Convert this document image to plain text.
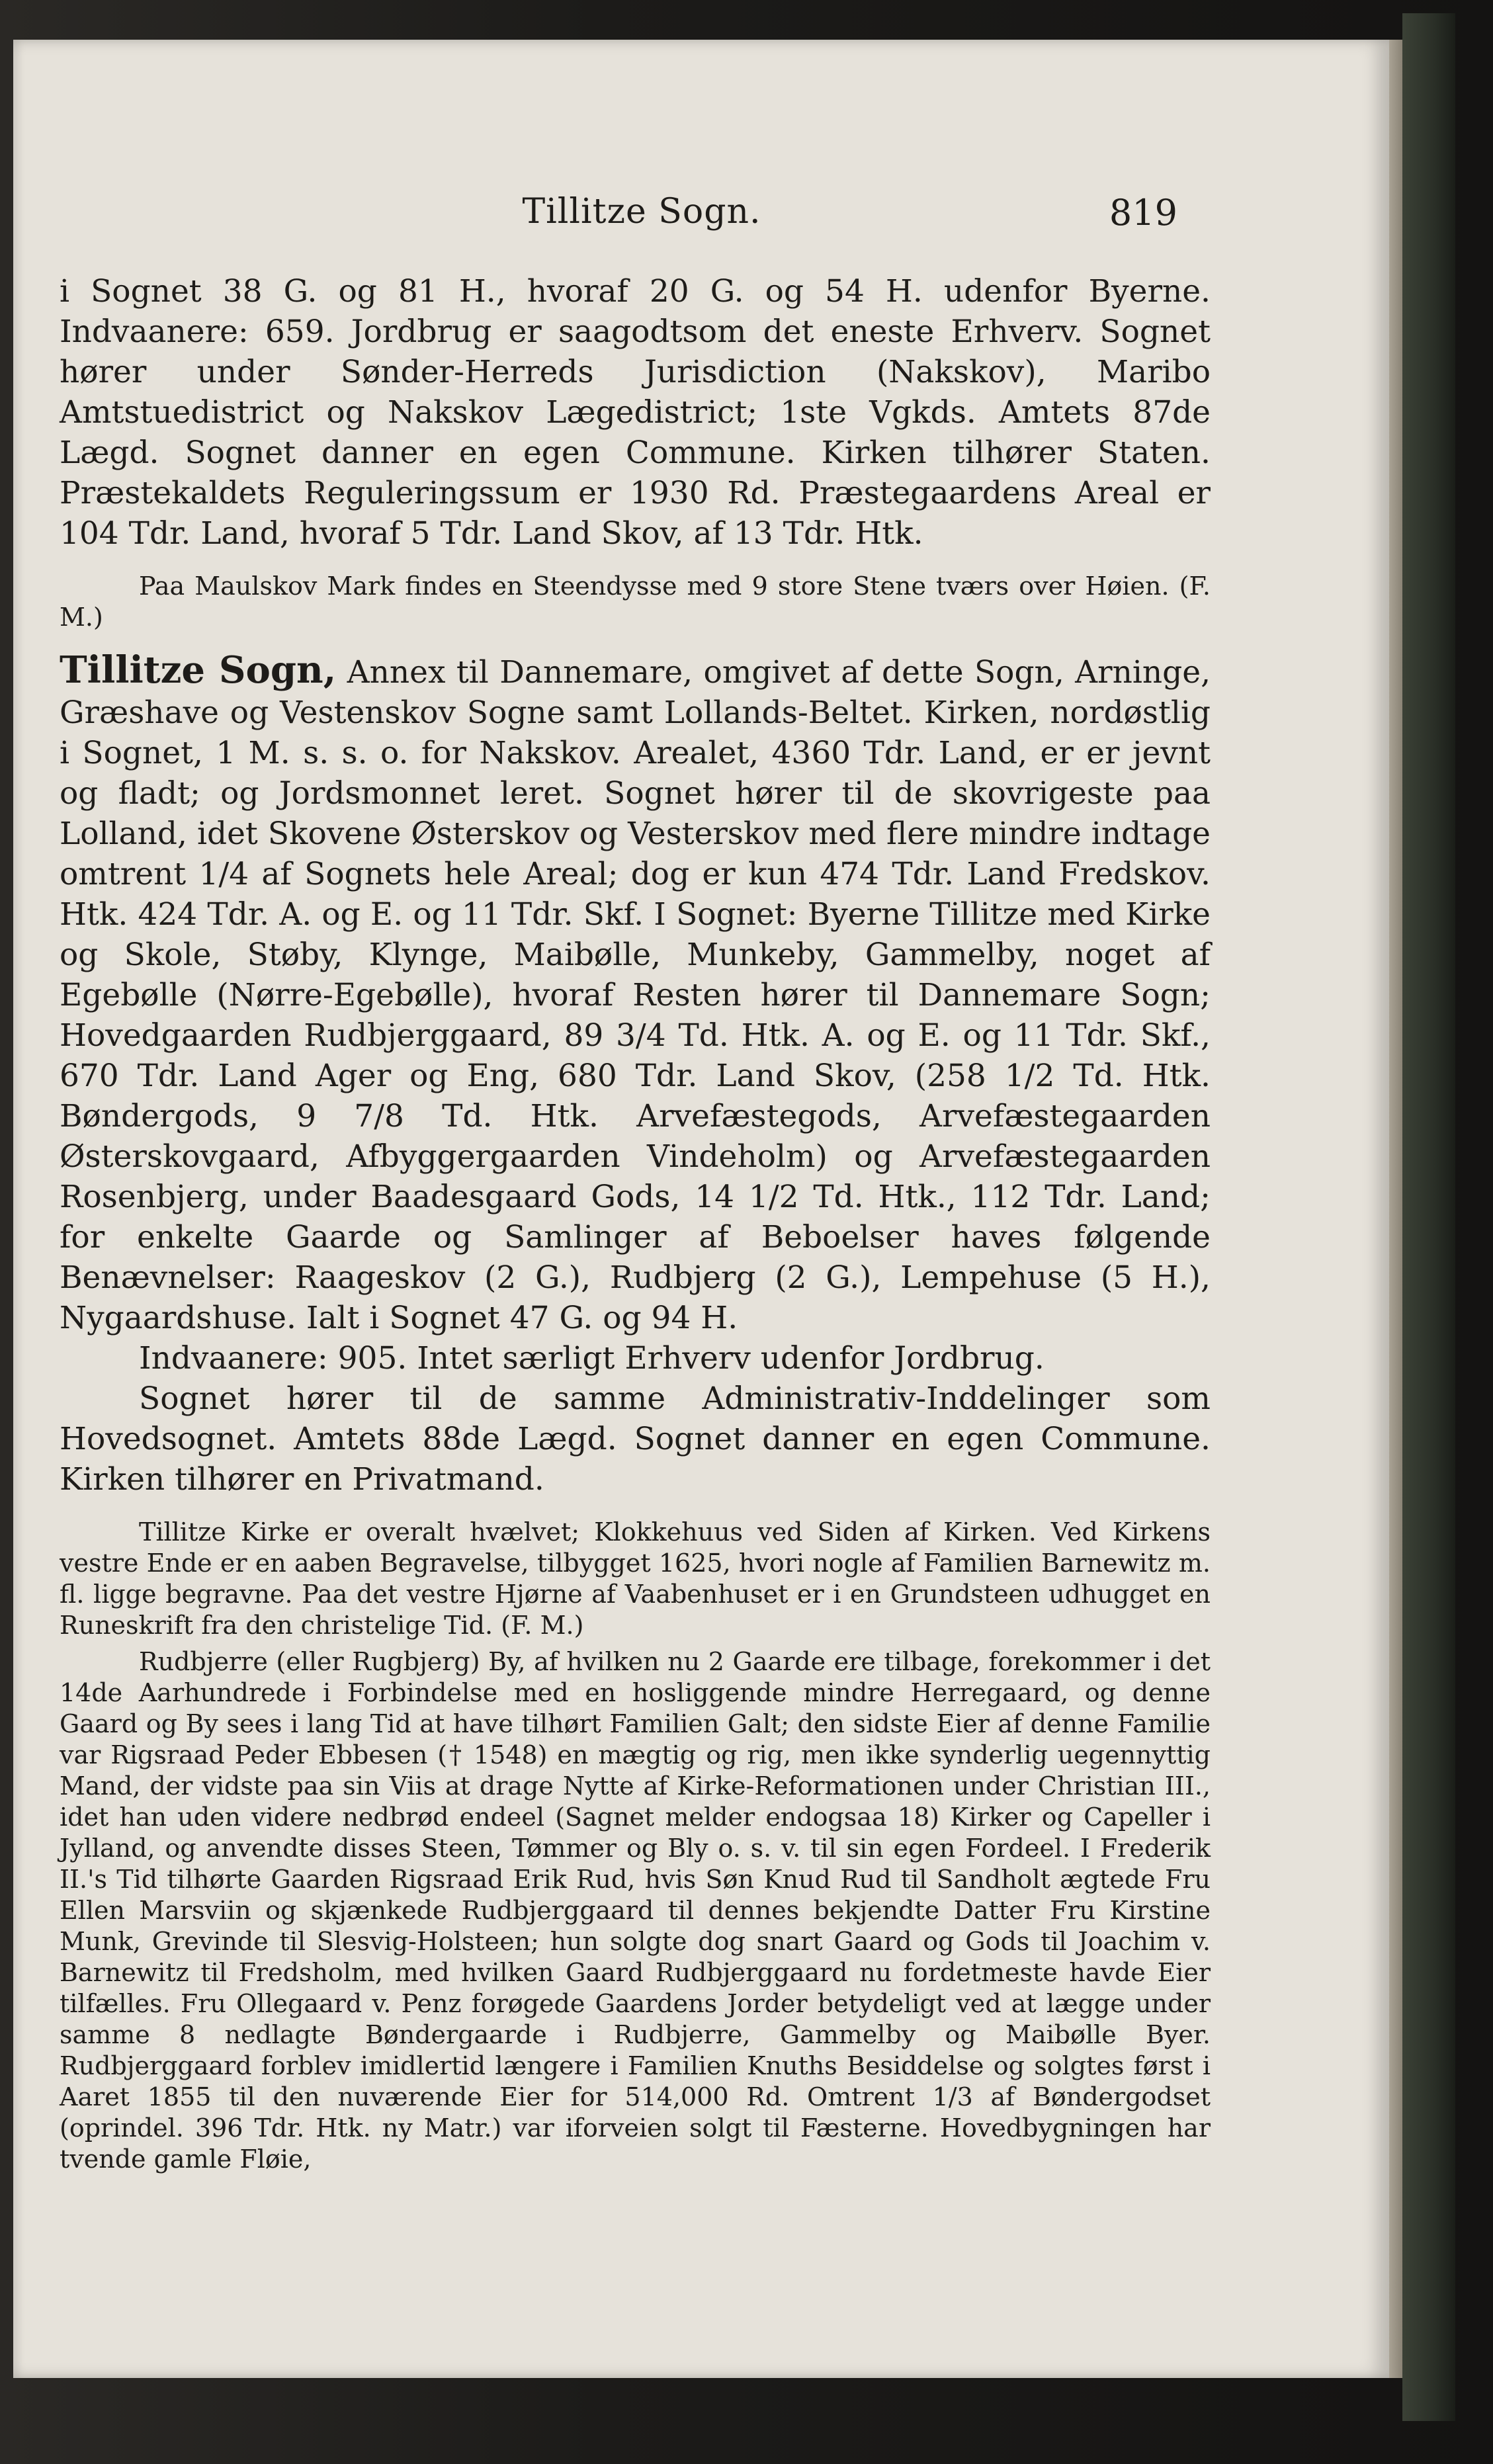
Tillitze Sogn.	819

i Sognet 38 G. og 81 H., hvoraf 20 G. og 54 H. udenfor Byerne. Indvaanere: 659. Jordbrug er saagodtsom det eneste Erhverv. Sognet hører under Sønder-Herreds Jurisdiction (Nakskov), Maribo Amtstuedistrict og Nakskov Lægedistrict; 1ste Vgkds. Amtets 87de Lægd. Sognet danner en egen Commune. Kirken tilhører Staten. Præstekaldets Reguleringssum er 1930 Rd. Præstegaardens Areal er 104 Tdr. Land, hvoraf 5 Tdr. Land Skov, af 13 Tdr. Htk.

Paa Maulskov Mark findes en Steendysse med 9 store Stene tværs over Høien. (F. M.)

Tillitze Sogn, Annex til Dannemare, omgivet af dette Sogn, Arninge, Græshave og Vestenskov Sogne samt Lollands-Beltet. Kirken, nordøstlig i Sognet, 1 M. s. s. o. for Nakskov. Arealet, 4360 Tdr. Land, er er jevnt og fladt; og Jordsmonnet leret. Sognet hører til de skovrigeste paa Lolland, idet Skovene Østerskov og Vesterskov med flere mindre indtage omtrent 1/4 af Sognets hele Areal; dog er kun 474 Tdr. Land Fredskov. Htk. 424 Tdr. A. og E. og 11 Tdr. Skf. I Sognet: Byerne Tillitze med Kirke og Skole, Støby, Klynge, Maibølle, Munkeby, Gammelby, noget af Egebølle (Nørre-Egebølle), hvoraf Resten hører til Dannemare Sogn; Hovedgaarden Rudbjerggaard, 89 3/4 Td. Htk. A. og E. og 11 Tdr. Skf., 670 Tdr. Land Ager og Eng, 680 Tdr. Land Skov, (258 1/2 Td. Htk. Bøndergods, 9 7/8 Td. Htk. Arvefæstegods, Arvefæstegaarden Østerskovgaard, Afbyggergaarden Vindeholm) og Arvefæstegaarden Rosenbjerg, under Baadesgaard Gods, 14 1/2 Td. Htk., 112 Tdr. Land; for enkelte Gaarde og Samlinger af Beboelser haves følgende Benævnelser: Raageskov (2 G.), Rudbjerg (2 G.), Lempehuse (5 H.), Nygaardshuse. Ialt i Sognet 47 G. og 94 H.

Indvaanere: 905. Intet særligt Erhverv udenfor Jordbrug.

Sognet hører til de samme Administrativ-Inddelinger som Hovedsognet. Amtets 88de Lægd. Sognet danner en egen Commune. Kirken tilhører en Privatmand.

Tillitze Kirke er overalt hvælvet; Klokkehuus ved Siden af Kirken. Ved Kirkens vestre Ende er en aaben Begravelse, tilbygget 1625, hvori nogle af Familien Barnewitz m. fl. ligge begravne. Paa det vestre Hjørne af Vaabenhuset er i en Grundsteen udhugget en Runeskrift fra den christelige Tid. (F. M.)

Rudbjerre (eller Rugbjerg) By, af hvilken nu 2 Gaarde ere tilbage, forekommer i det 14de Aarhundrede i Forbindelse med en hosliggende mindre Herregaard, og denne Gaard og By sees i lang Tid at have tilhørt Familien Galt; den sidste Eier af denne Familie var Rigsraad Peder Ebbesen († 1548) en mægtig og rig, men ikke synderlig uegennyttig Mand, der vidste paa sin Viis at drage Nytte af Kirke-Reformationen under Christian III., idet han uden videre nedbrød endeel (Sagnet melder endogsaa 18) Kirker og Capeller i Jylland, og anvendte disses Steen, Tømmer og Bly o. s. v. til sin egen Fordeel. I Frederik II.'s Tid tilhørte Gaarden Rigsraad Erik Rud, hvis Søn Knud Rud til Sandholt ægtede Fru Ellen Marsviin og skjænkede Rudbjerggaard til dennes bekjendte Datter Fru Kirstine Munk, Grevinde til Slesvig-Holsteen; hun solgte dog snart Gaard og Gods til Joachim v. Barnewitz til Fredsholm, med hvilken Gaard Rudbjerggaard nu fordetmeste havde Eier tilfælles. Fru Ollegaard v. Penz forøgede Gaardens Jorder betydeligt ved at lægge under samme 8 nedlagte Bøndergaarde i Rudbjerre, Gammelby og Maibølle Byer. Rudbjerggaard forblev imidlertid længere i Familien Knuths Besiddelse og solgtes først i Aaret 1855 til den nuværende Eier for 514,000 Rd. Omtrent 1/3 af Bøndergodset (oprindel. 396 Tdr. Htk. ny Matr.) var iforveien solgt til Fæsterne. Hovedbygningen har tvende gamle Fløie,
